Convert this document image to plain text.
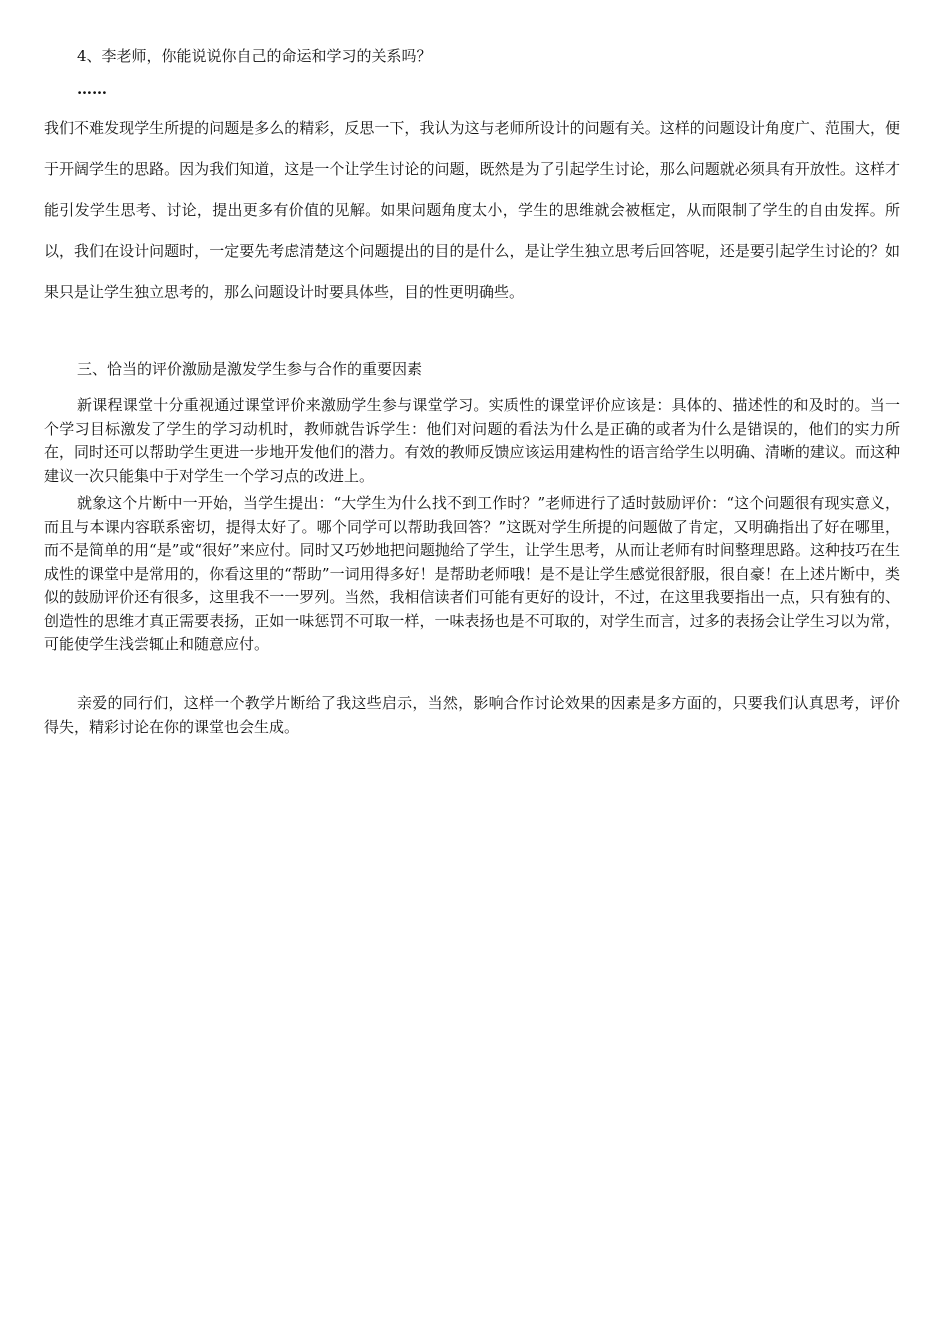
4、李老师，你能说说你自己的命运和学习的关系吗？

……

我们不难发现学生所提的问题是多么的精彩，反思一下，我认为这与老师所设计的问题有关。这样的问题设计角度广、范围大，便于开阔学生的思路。因为我们知道，这是一个让学生讨论的问题，既然是为了引起学生讨论，那么问题就必须具有开放性。这样才能引发学生思考、讨论，提出更多有价值的见解。如果问题角度太小，学生的思维就会被框定，从而限制了学生的自由发挥。所以，我们在设计问题时，一定要先考虑清楚这个问题提出的目的是什么，是让学生独立思考后回答呢，还是要引起学生讨论的？如果只是让学生独立思考的，那么问题设计时要具体些，目的性更明确些。

三、恰当的评价激励是激发学生参与合作的重要因素

新课程课堂十分重视通过课堂评价来激励学生参与课堂学习。实质性的课堂评价应该是：具体的、描述性的和及时的。当一个学习目标激发了学生的学习动机时，教师就告诉学生：他们对问题的看法为什么是正确的或者为什么是错误的，他们的实力所在，同时还可以帮助学生更进一步地开发他们的潜力。有效的教师反馈应该运用建构性的语言给学生以明确、清晰的建议。而这种建议一次只能集中于对学生一个学习点的改进上。

就象这个片断中一开始，当学生提出：“大学生为什么找不到工作时？”老师进行了适时鼓励评价：“这个问题很有现实意义，而且与本课内容联系密切，提得太好了。哪个同学可以帮助我回答？”这既对学生所提的问题做了肯定，又明确指出了好在哪里，而不是简单的用“是”或“很好”来应付。同时又巧妙地把问题抛给了学生，让学生思考，从而让老师有时间整理思路。这种技巧在生成性的课堂中是常用的，你看这里的“帮助”一词用得多好！是帮助老师哦！是不是让学生感觉很舒服，很自豪！在上述片断中，类似的鼓励评价还有很多，这里我不一一罗列。当然，我相信读者们可能有更好的设计，不过，在这里我要指出一点，只有独有的、创造性的思维才真正需要表扬，正如一味惩罚不可取一样，一味表扬也是不可取的，对学生而言，过多的表扬会让学生习以为常，可能使学生浅尝辄止和随意应付。

亲爱的同行们，这样一个教学片断给了我这些启示，当然，影响合作讨论效果的因素是多方面的，只要我们认真思考，评价得失，精彩讨论在你的课堂也会生成。
